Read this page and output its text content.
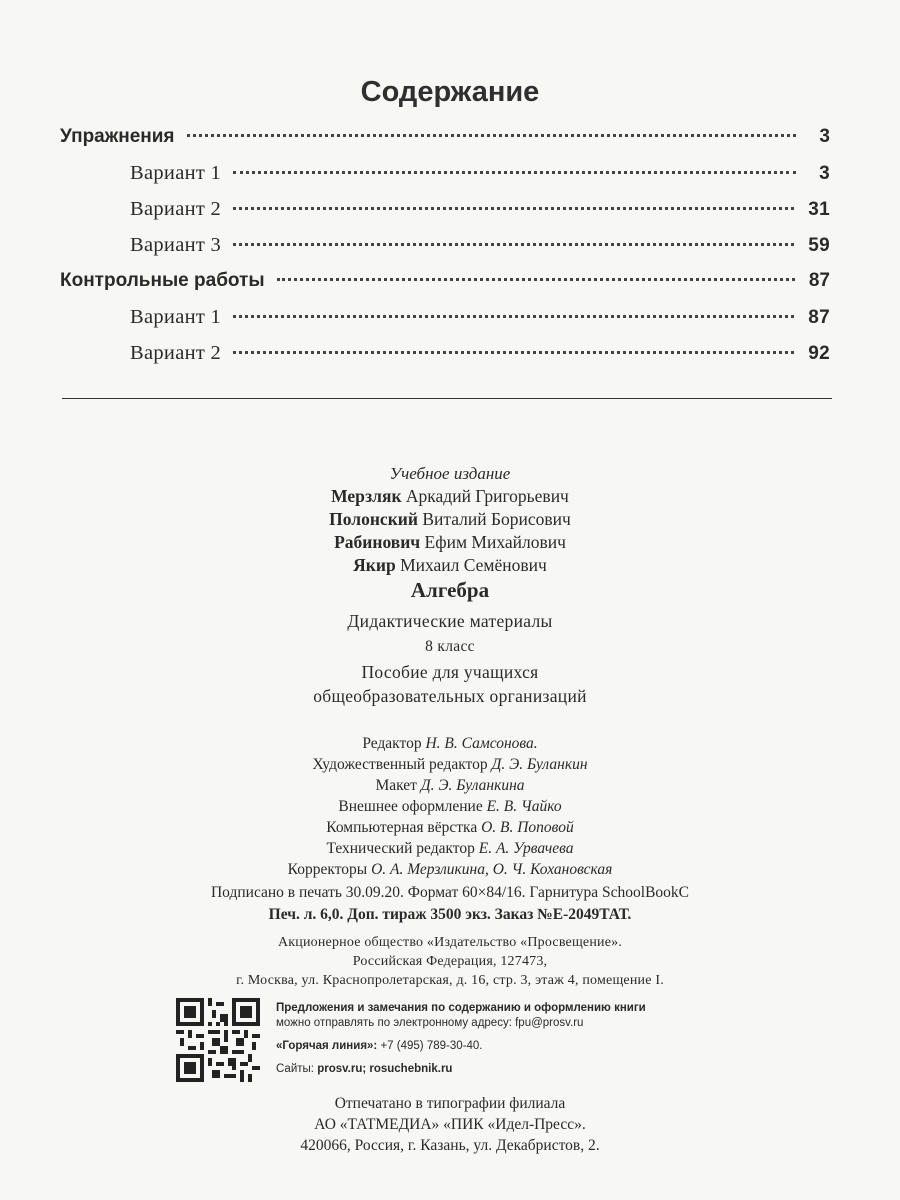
Содержание
Упражнения	3
Вариант 1	3
Вариант 2	31
Вариант 3	59
Контрольные работы	87
Вариант 1	87
Вариант 2	92
Учебное издание
Мерзляк Аркадий Григорьевич
Полонский Виталий Борисович
Рабинович Ефим Михайлович
Якир Михаил Семёнович
Алгебра
Дидактические материалы
8 класс
Пособие для учащихся
общеобразовательных организаций
Редактор Н. В. Самсонова.
Художественный редактор Д. Э. Буланкин
Макет Д. Э. Буланкина
Внешнее оформление Е. В. Чайко
Компьютерная вёрстка О. В. Поповой
Технический редактор Е. А. Урвачева
Корректоры О. А. Мерзликина, О. Ч. Кохановская
Подписано в печать 30.09.20. Формат 60×84/16. Гарнитура SchoolBookC
Печ. л. 6,0. Доп. тираж 3500 экз. Заказ №Е-2049ТАТ.
Акционерное общество «Издательство «Просвещение».
Российская Федерация, 127473,
г. Москва, ул. Краснопролетарская, д. 16, стр. 3, этаж 4, помещение I.
Предложения и замечания по содержанию и оформлению книги
можно отправлять по электронному адресу: fpu@prosv.ru
«Горячая линия»: +7 (495) 789-30-40.
Сайты: prosv.ru; rosuchebnik.ru
Отпечатано в типографии филиала
АО «ТАТМЕДИА» «ПИК «Идел-Пресс».
420066, Россия, г. Казань, ул. Декабристов, 2.
